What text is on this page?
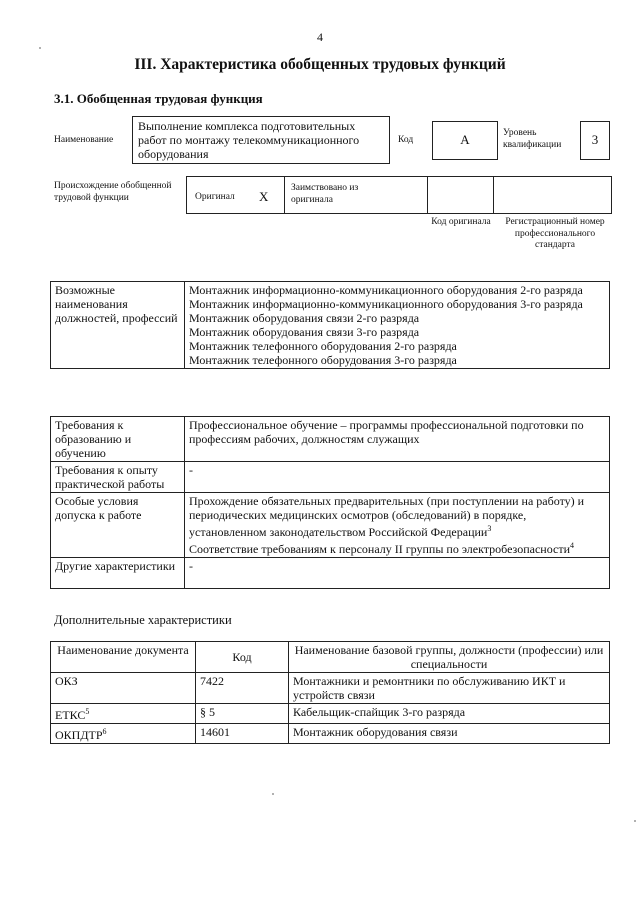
4
III. Характеристика обобщенных трудовых функций
3.1. Обобщенная трудовая функция
Наименование
Выполнение комплекса подготовительных работ по монтажу телекоммуникационного оборудования
Код	А	Уровень квалификации	3
Происхождение обобщенной трудовой функции	Оригинал Х
Заимствовано из оригинала
Код оригинала	Регистрационный номер профессионального стандарта
Возможные наименования должностей, профессий	
Монтажник информационно-коммуникационного оборудования 2-го разряда
Монтажник информационно-коммуникационного оборудования 3-го разряда
Монтажник оборудования связи 2-го разряда
Монтажник оборудования связи 3-го разряда
Монтажник телефонного оборудования 2-го разряда
Монтажник телефонного оборудования 3-го разряда
Требования к образованию и обучению	Профессиональное обучение – программы профессиональной подготовки по профессиям рабочих, должностям служащих
Требования к опыту практической работы	-
Особые условия допуска к работе	Прохождение обязательных предварительных (при поступлении на работу) и периодических медицинских осмотров (обследований) в порядке, установленном законодательством Российской Федерации$^3$
Соответствие требованиям к персоналу II группы по электробезопасности$^4$
Другие характеристики	-
Дополнительные характеристики
Наименование документа	Код	Наименование базовой группы, должности (профессии) или специальности
ОКЗ	7422	Монтажники и ремонтники по обслуживанию ИКТ и устройств связи
ЕТКС$^5$	§ 5	Кабельщик-спайщик 3-го разряда
ОКПДТР$^6$	14601	Монтажник оборудования связи
